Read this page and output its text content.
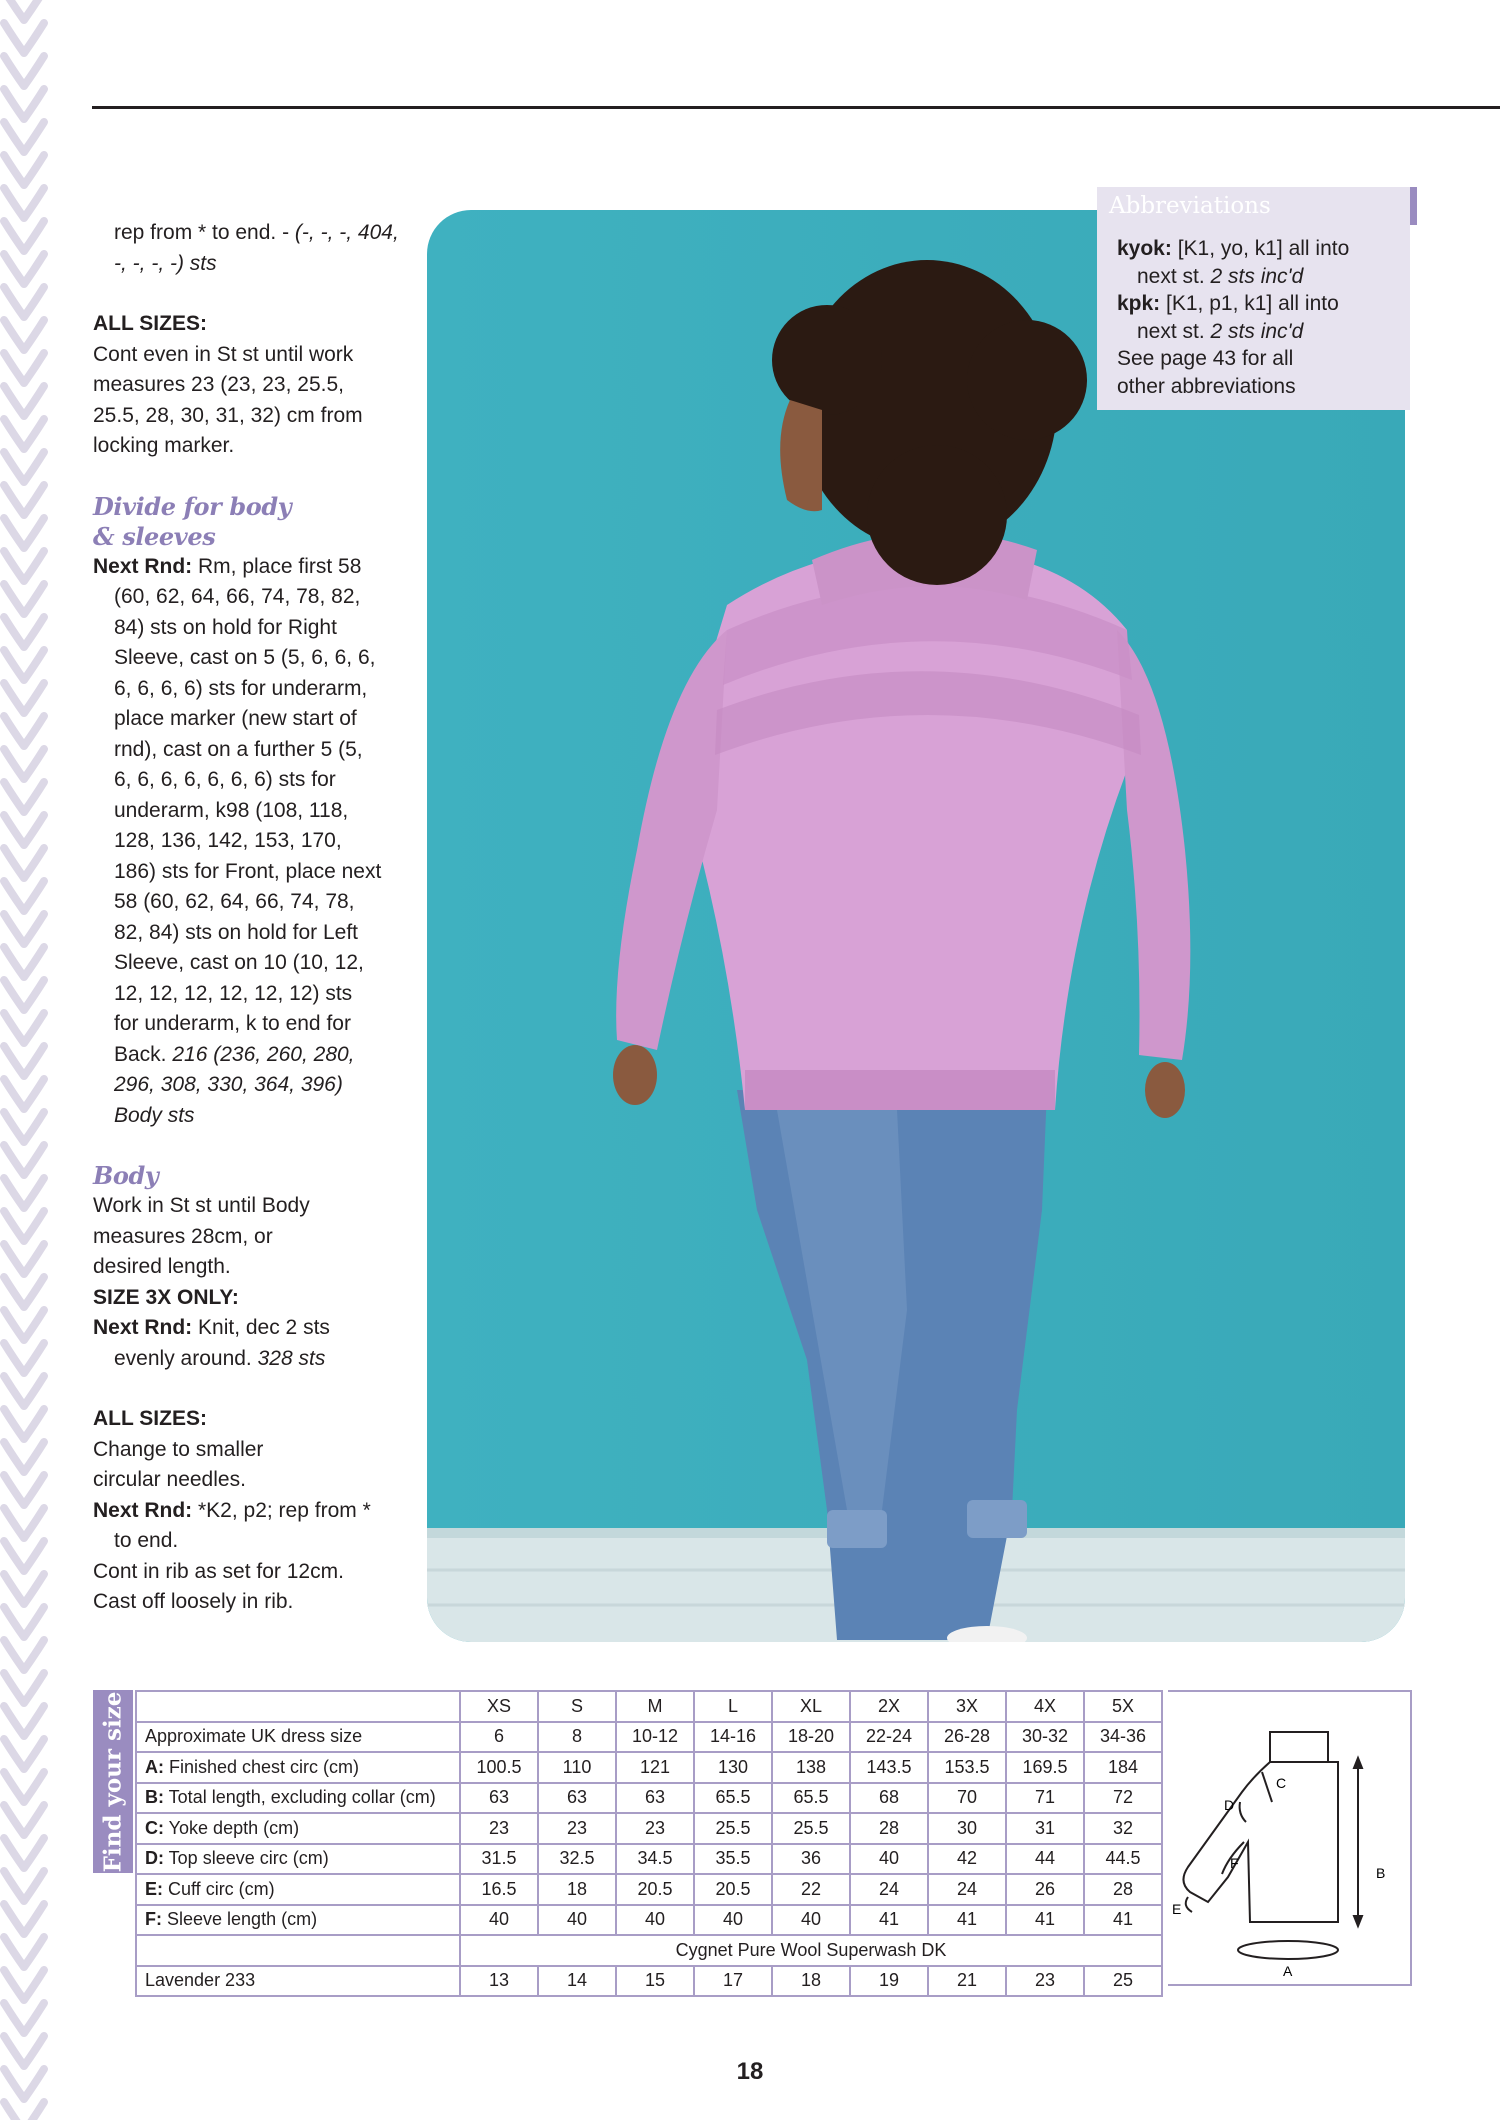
rep from * to end. - (-, -, -, 404,

-, -, -, -) sts

ALL SIZES:

Cont even in St st until work

measures 23 (23, 23, 25.5,

25.5, 28, 30, 31, 32) cm from

locking marker.

Divide for body

& sleeves

Next Rnd: Rm, place first 58

(60, 62, 64, 66, 74, 78, 82,

84) sts on hold for Right

Sleeve, cast on 5 (5, 6, 6, 6,

6, 6, 6, 6) sts for underarm,

place marker (new start of

rnd), cast on a further 5 (5,

6, 6, 6, 6, 6, 6, 6) sts for

underarm, k98 (108, 118,

128, 136, 142, 153, 170,

186) sts for Front, place next

58 (60, 62, 64, 66, 74, 78,

82, 84) sts on hold for Left

Sleeve, cast on 10 (10, 12,

12, 12, 12, 12, 12, 12) sts

for underarm, k to end for

Back. 216 (236, 260, 280,

296, 308, 330, 364, 396)

Body sts

Body

Work in St st until Body

measures 28cm, or

desired length.

SIZE 3X ONLY:

Next Rnd: Knit, dec 2 sts

evenly around. 328 sts

ALL SIZES:

Change to smaller

circular needles.

Next Rnd: *K2, p2; rep from *

to end.

Cont in rib as set for 12cm.

Cast off loosely in rib.

Abbreviations
kyok: [K1, yo, k1] all into
next st. 2 sts inc'd
kpk: [K1, p1, k1] all into
next st. 2 sts inc'd
See page 43 for all
other abbreviations
Find your size
		XS	S	M	L	XL	2X	3X	4X	5X
Approximate UK dress size	6	8	10-12	14-16	18-20	22-24	26-28	30-32	34-36
A: Finished chest circ (cm)	100.5	110	121	130	138	143.5	153.5	169.5	184
B: Total length, excluding collar (cm)	63	63	63	65.5	65.5	68	70	71	72
C: Yoke depth (cm)	23	23	23	25.5	25.5	28	30	31	32
D: Top sleeve circ (cm)	31.5	32.5	34.5	35.5	36	40	42	44	44.5
E: Cuff circ (cm)	16.5	18	20.5	20.5	22	24	24	26	28
F: Sleeve length (cm)	40	40	40	40	40	41	41	41	41
	Cygnet Pure Wool Superwash DK								
Lavender 233	13	14	15	17	18	19	21	23	25
B
C
D
E
F
A
18
